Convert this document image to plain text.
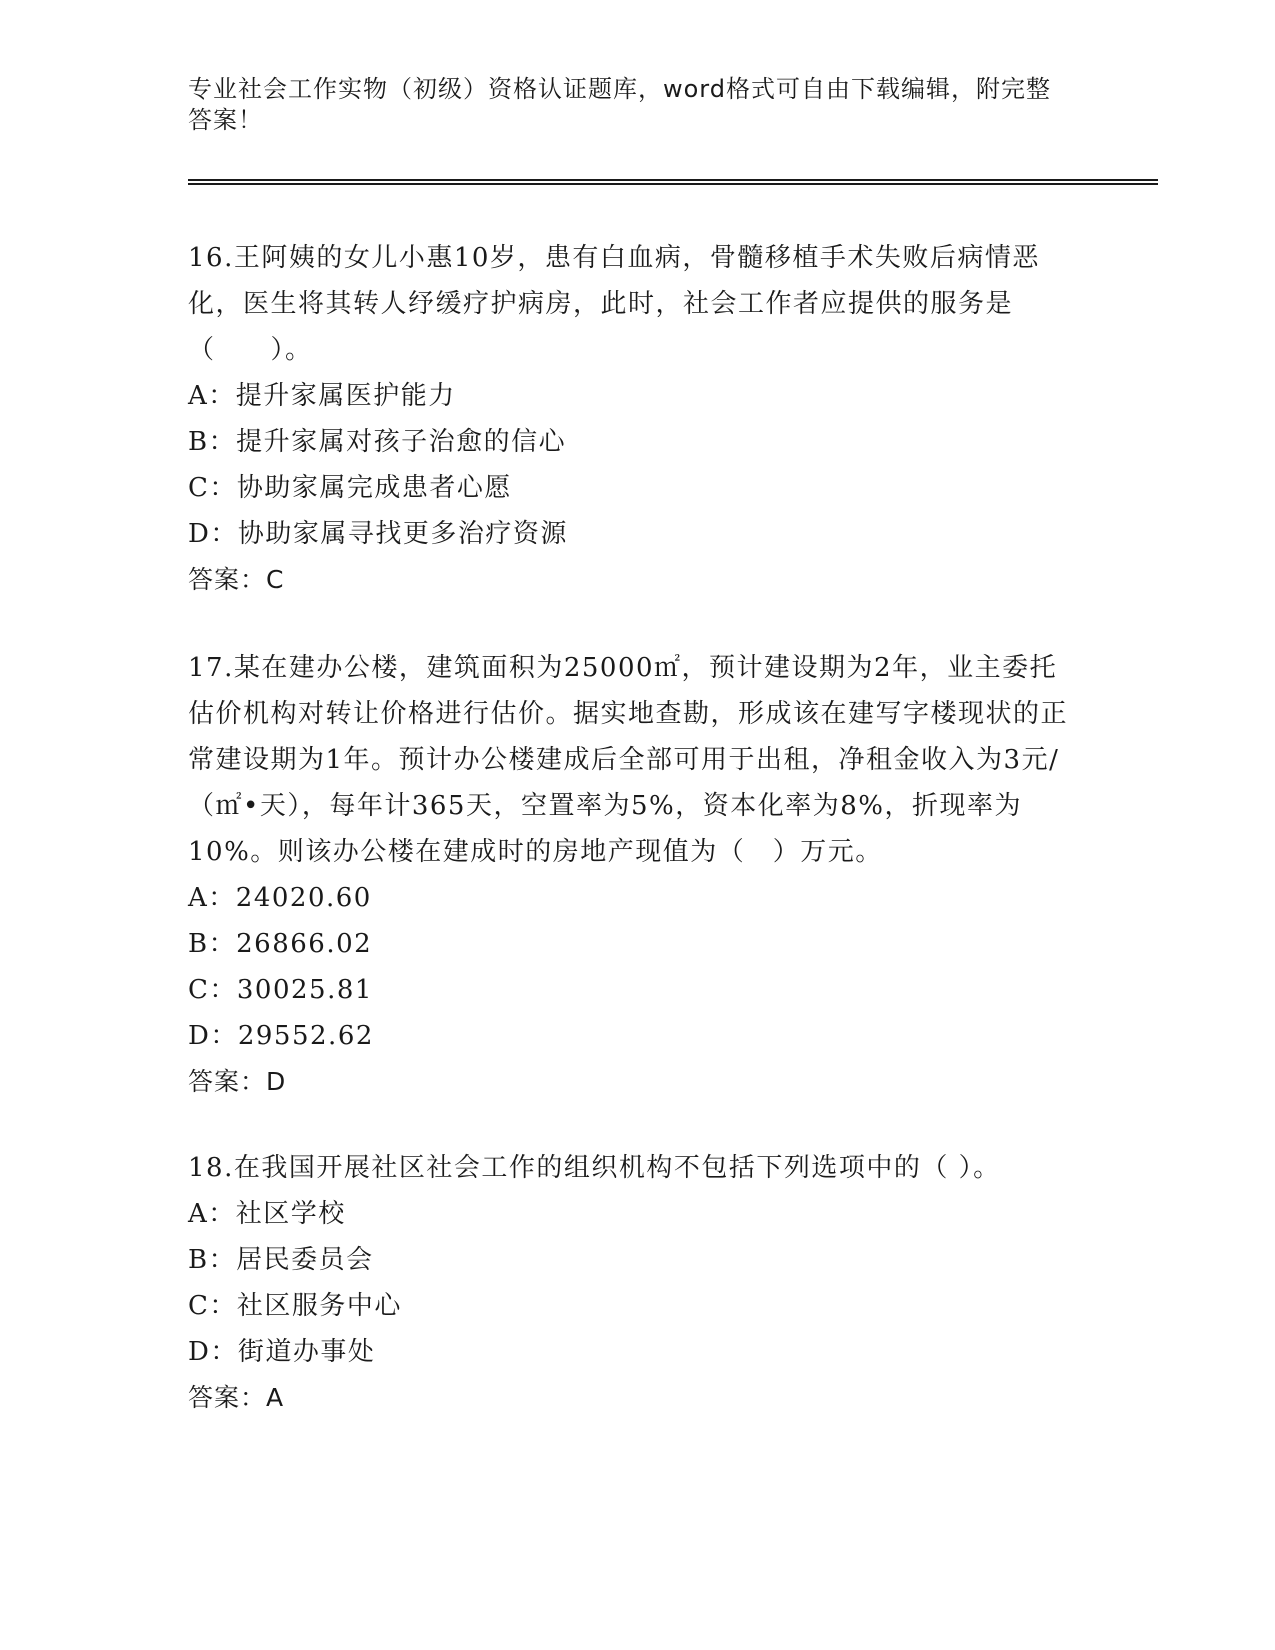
专业社会工作实物（初级）资格认证题库，word格式可自由下载编辑，附完整答案！
16.王阿姨的女儿小惠10岁，患有白血病，骨髓移植手术失败后病情恶化，医生将其转人纾缓疗护病房，此时，社会工作者应提供的服务是（　　）。
A：提升家属医护能力
B：提升家属对孩子治愈的信心
C：协助家属完成患者心愿
D：协助家属寻找更多治疗资源
答案：C
17.某在建办公楼，建筑面积为25000㎡，预计建设期为2年，业主委托估价机构对转让价格进行估价。据实地查勘，形成该在建写字楼现状的正常建设期为1年。预计办公楼建成后全部可用于出租，净租金收入为3元/（㎡•天），每年计365天，空置率为5%，资本化率为8%，折现率为10%。则该办公楼在建成时的房地产现值为（　）万元。
A：24020.60
B：26866.02
C：30025.81
D：29552.62
答案：D
18.在我国开展社区社会工作的组织机构不包括下列选项中的（ ）。
A：社区学校
B：居民委员会
C：社区服务中心
D：街道办事处
答案：A
